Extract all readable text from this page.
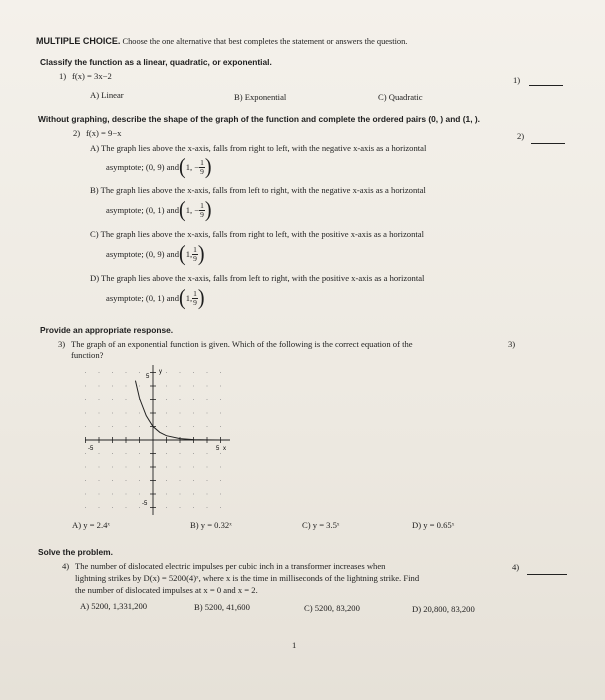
MULTIPLE CHOICE. Choose the one alternative that best completes the statement or answers the question.
Classify the function as a linear, quadratic, or exponential.
1) f(x) = 3x−2	1)
A) Linear	B) Exponential	C) Quadratic
Without graphing, describe the shape of the graph of the function and complete the ordered pairs (0, ) and (1, ).
2) f(x) = 9−x	2)
A) The graph lies above the x-axis, falls from right to left, with the negative x-axis as a horizontal
asymptote; (0, 9) and ( 1, − $\frac{1}{9}$ )
B) The graph lies above the x-axis, falls from left to right, with the negative x-axis as a horizontal
asymptote; (0, 1) and ( 1, − $\frac{1}{9}$ )
C) The graph lies above the x-axis, falls from right to left, with the positive x-axis as a horizontal
asymptote; (0, 9) and ( 1, $\frac{1}{9}$ )
D) The graph lies above the x-axis, falls from left to right, with the positive x-axis as a horizontal
asymptote; (0, 1) and ( 1, $\frac{1}{9}$ )
Provide an appropriate response.
3) The graph of an exponential function is given. Which of the following is the correct equation of the
function?
3)
y
5
-5
-5	5 x
A) y = 2.4ˣ	B) y = 0.32ˣ	C) y = 3.5ˣ	D) y = 0.65ˣ
Solve the problem.
4) The number of dislocated electric impulses per cubic inch in a transformer increases when
lightning strikes by D(x) = 5200(4)ˣ, where x is the time in milliseconds of the lightning strike. Find
the number of dislocated impulses at x = 0 and x = 2.
4)
A) 5200, 1,331,200	B) 5200, 41,600	C) 5200, 83,200	D) 20,800, 83,200
1
